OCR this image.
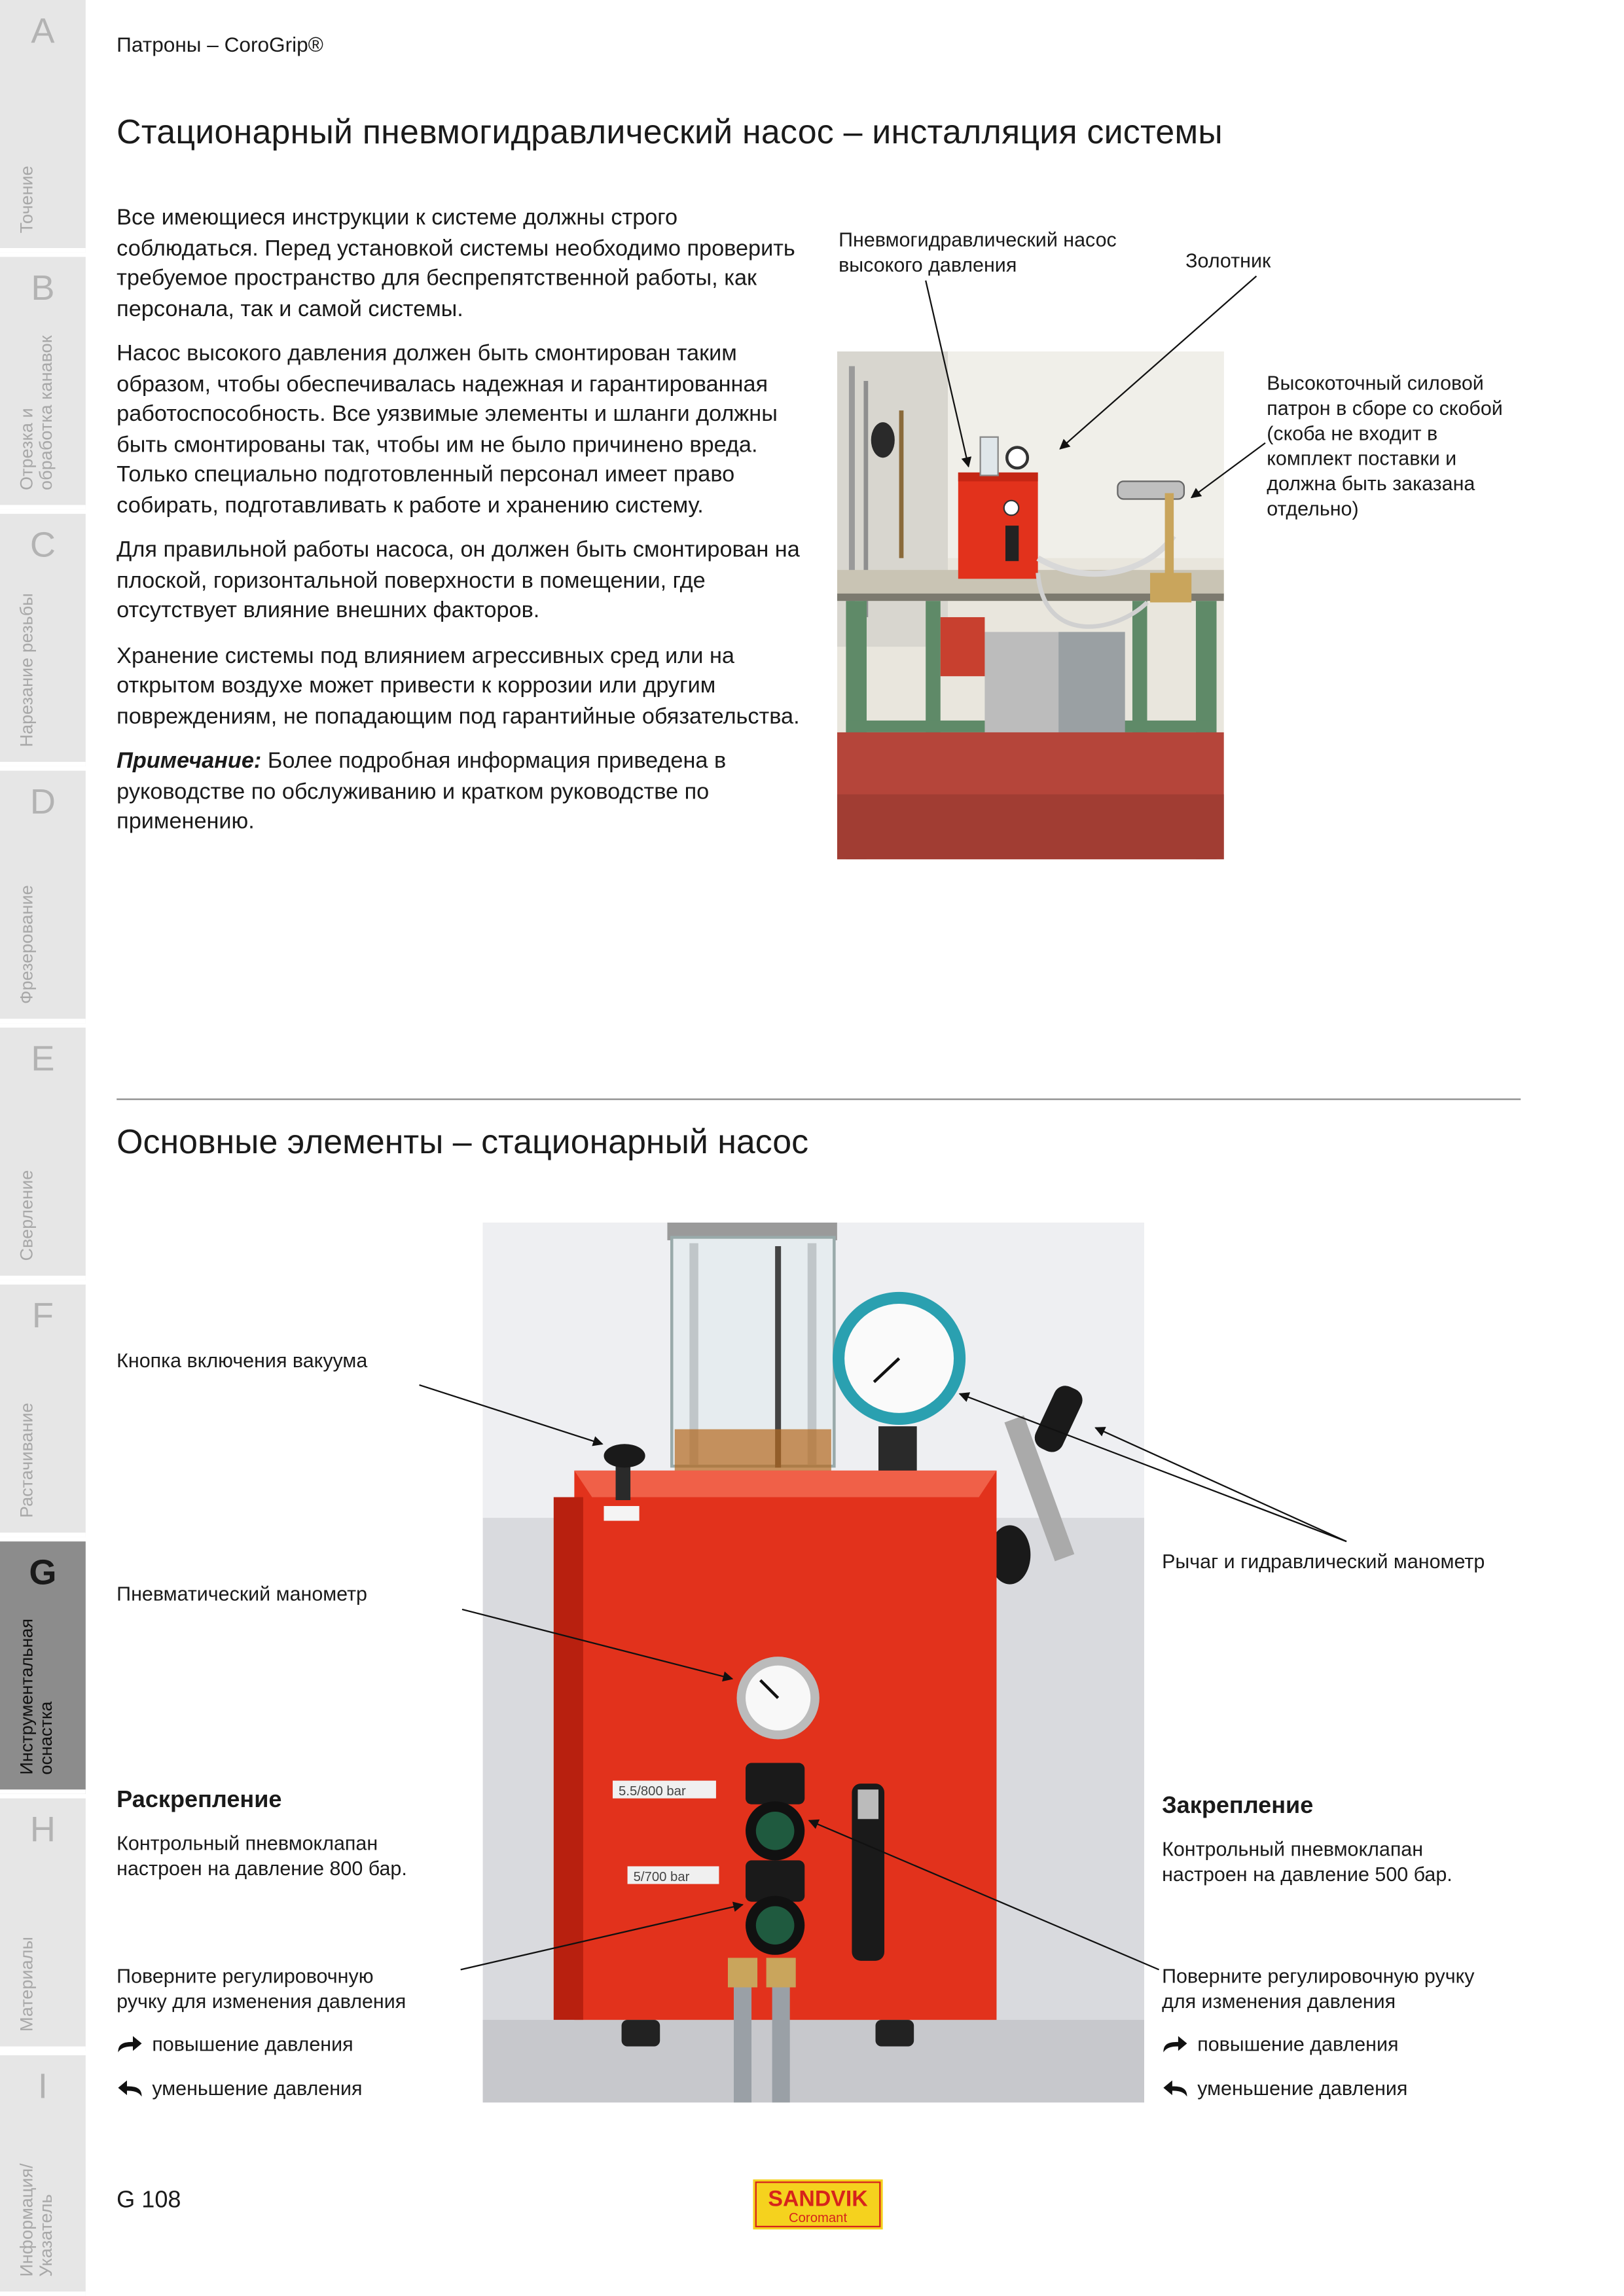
A
Точение
B
Отрезка и
обработка канавок
C
Нарезание резьбы
D
Фрезерование
E
Сверление
F
Растачивание
G
Инструментальная
оснастка
H
Материалы
I
Информация/
Указатель
Патроны – CoroGrip®
Стационарный пневмогидравлический насос – инсталляция системы

Все имеющиеся инструкции к системе должны строго соблюдаться. Перед установкой системы необходимо проверить требуемое пространство для беспрепятственной работы, как персонала, так и самой системы.

Насос высокого давления должен быть смонтирован таким образом, чтобы обеспечивалась надежная и гарантированная работоспособность. Все уязвимые элементы и шланги должны быть смонтированы так, чтобы им не было причинено вреда. Только специально подготовленный персонал имеет право собирать, подготавливать к работе и хранению систему.

Для правильной работы насоса, он должен быть смонтирован на плоской, горизонтальной поверхности в помещении, где отсутствует влияние внешних факторов.

Хранение системы под влиянием агрессивных сред или на открытом воздухе может привести к коррозии или другим повреждениям, не попадающим под гарантийные обязательства.

Примечание: Более подробная информация приведена в руководстве по обслуживанию и кратком руководстве по применению.

Пневмогидравлический насос высокого давления	Золотник
Высокоточный силовой патрон в сборе со скобой (скоба не входит в комплект поставки и должна быть заказана отдельно)
Основные элементы – стационарный насос
5.5/800 bar
5/700 bar
Кнопка включения вакуума
Рычаг и гидравлический манометр
Пневматический манометр
Раскрепление
Контрольный пневмоклапан
настроен на давление 800 бар.
Поверните регулировочную
ручку для изменения давления
повышение давления
уменьшение давления
Закрепление
Контрольный пневмоклапан
настроен на давление 500 бар.
Поверните регулировочную ручку
для изменения давления
повышение давления
уменьшение давления
G 108	SANDVIK
Coromant
